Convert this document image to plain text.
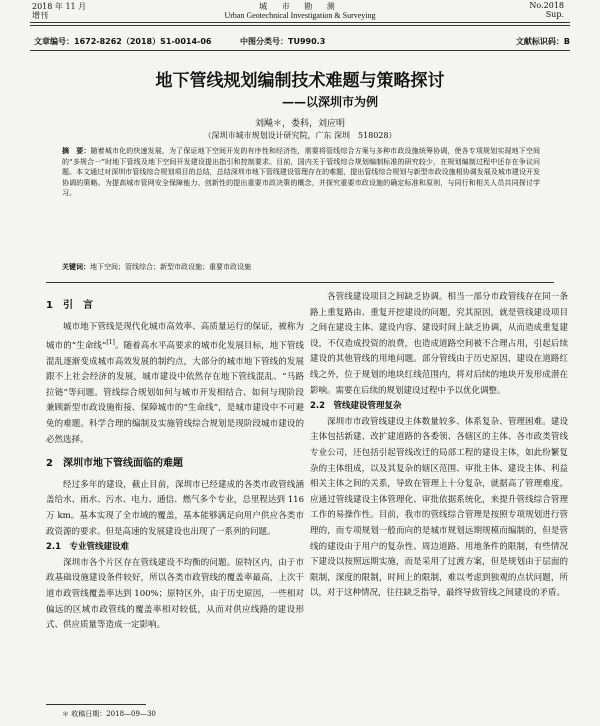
2018 年 11 月
增刊
城 市 勘 测
Urban Geotechnical Investigation & Surveying
No.2018
Sup.
文章编号：1672-8262（2018）S1-0014-06	中图分类号：TU990.3	文献标识码：B
地下管线规划编制技术难题与策略探讨
——以深圳市为例
刘飚＊，娄科，刘应明
（深圳市城市规划设计研究院，广东 深圳　518028）
摘　要：随着城市化的快速发展，为了保证地下空间开发的有序性和经济性，需要将管线综合方案与多种市政设施统筹协调，使各专项规划实现地下空间的“多规合一”时地下管线及地下空间开发建设提出指引和控制要求。目前，国内关于管线综合规划编制标准的研究较少，在规划编制过程中还存在争议问题。本文通过对深圳市管线综合规划项目的总结，总结深圳市地下管线建设管理存在的难题，提出管线综合规划与新型市政设施相协调发展及城市建设开发协调的策略。为提高城市管网安全保障能力、创新性的提出重要市政决策的概念，并探究重要市政设施的确定标准和原则，与同行和相关人员共同探讨学习。
关键词：地下空间；管线综合；新型市政设施；重要市政设施
1　引　言

城市地下管线是现代化城市高效率、高质量运行的保证，被称为城市的“生命线”[1]。随着高水平高要求的城市化发展目标，地下管线混乱逐渐变成城市高效发展的制约点，大部分的城市地下管线的发展跟不上社会经济的发展，城市建设中依然存在地下管线混乱、“马路拉链”等问题。管线综合规划如何与城市开发相结合、如何与现阶段兼顾新型市政设施衔接、保障城市的“生命线”，是城市建设中不可避免的难题。科学合理的编制及实施管线综合规划是现阶段城市建设的必然选择。

2　深圳市地下管线面临的难题

经过多年的建设，截止目前，深圳市已经建成的各类市政管线涵盖给水、雨水、污水、电力、通信、燃气多个专业，总里程达到 116 万 km。基本实现了全市域的覆盖，基本能够满足向用户供应各类市政资源的要求。但是高速的发展建设也出现了一系列的问题。

2.1　专业管线建设难

深圳市各个片区存在管线建设不均衡的问题。原特区内，由于市政基础设施建设条件较好，所以各类市政管线的覆盖率最高，上次干道市政管线覆盖率达到 100%；原特区外，由于历史原因，一些相对偏远的区域市政管线的覆盖率相对较低，从而对供应线路的建设形式、供应质量等造成一定影响。

各管线建设项目之间缺乏协调。相当一部分市政管线存在同一条路上重复路由、重复开挖建设的问题，究其原因，就是管线建设项目之间在建设主体、建设内容、建设时间上缺乏协调，从而造成重复建设，不仅造成投资的浪费，也造成道路空间被不合理占用，引起后续建设的其他管线的用地问题。部分管线由于历史原因，建设在道路红线之外，位于规划的地块红线范围内，将对后续的地块开发形成潜在影响。需要在后续的规划建设过程中予以优化调整。

2.2　管线建设管理复杂

深圳市市政管线建设主体数量较多、体系复杂、管理困难。建设主体包括新建、改扩建道路的各委领、各辖区的主体、各市政类管线专业公司，还包括引起管线改迁的局部工程的建设主体，如此纷繁复杂的主体组成，以及其复杂的辖区范围、审批主体、建设主体、利益相关主体之间的关系，导致在管理上十分复杂，就据高了管理难度。应通过管线建设主体管理化、审批依据系统化，来提升管线综合管理工作的易操作性。目前，我市的管线综合管理是按照专项规划进行管理的，而专项规划一般而向的是城市规划远期规模而编制的，但是管线的建设由于用户的复杂性、周边道路、用地条件的限制，有些情况下建设以按照远期实施，而是采用了过渡方案，但是规划由于层面的限制，深度的限制，时间上的限制，难以考虑到独观的点状问题，所以，对于这种情况，往往缺乏指导，最终导致管线之间建设的矛盾。

＊ 收稿日期：2018—09—30
